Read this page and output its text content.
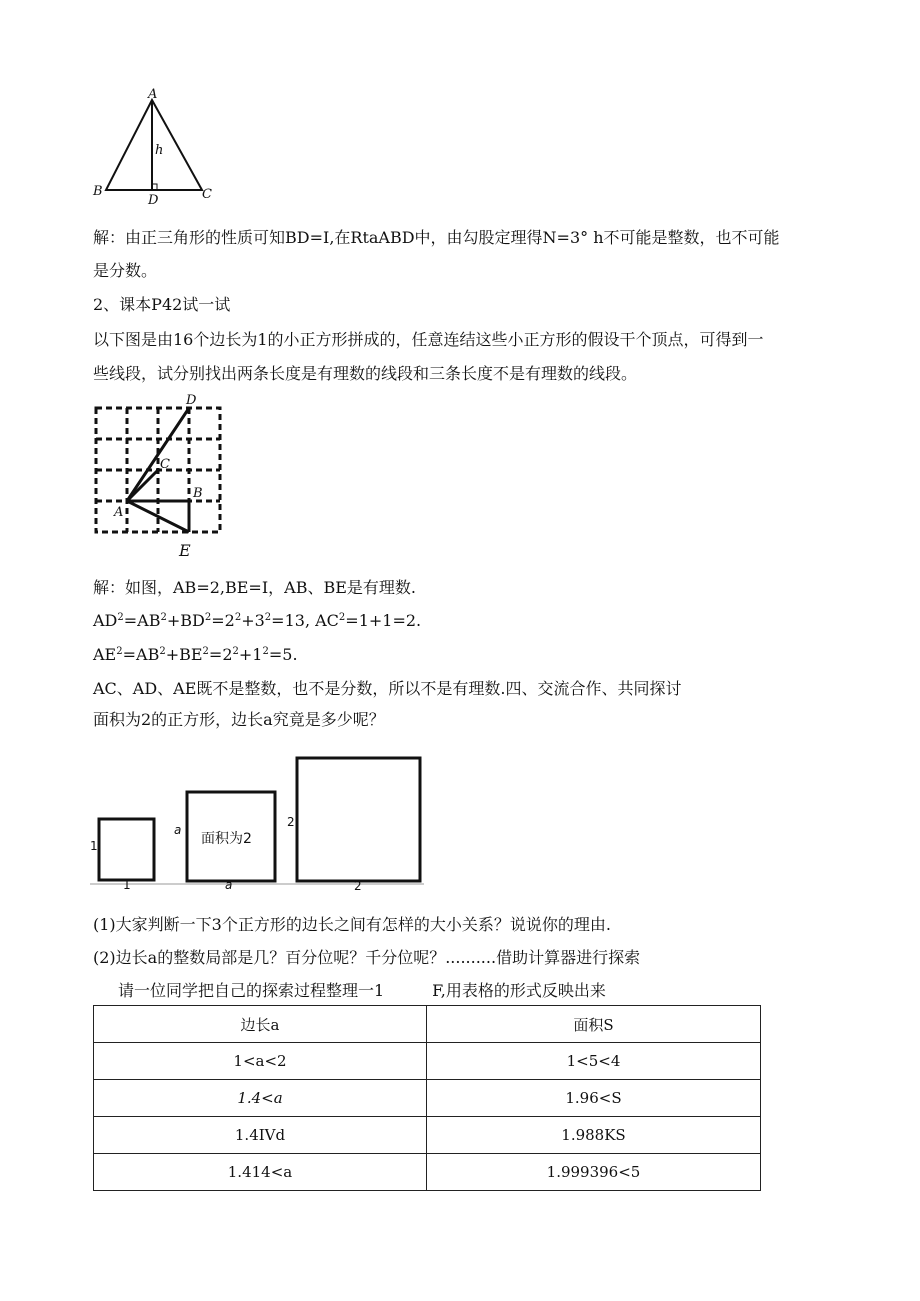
A
B	C
D
h
解：由正三角形的性质可知BD=I,在RtaABD中，由勾股定理得N=3° h不可能是整数，也不可能
是分数。
2、课本P42试一试
以下图是由16个边长为1的小正方形拼成的，任意连结这些小正方形的假设干个顶点，可得到一
些线段，试分别找出两条长度是有理数的线段和三条长度不是有理数的线段。
D
C
B
A
E
解：如图，AB=2,BE=I，AB、BE是有理数.
$AD^2=AB^2+BD^2=2^2+3^2=13$, $AC^2=1+1=2$.
$AE^2=AB^2+BE^2=2^2+1^2=5$.
AC、AD、AE既不是整数，也不是分数，所以不是有理数.四、交流合作、共同探讨
面积为2的正方形，边长a究竟是多少呢？
1
1
a
a
面积为2
2
2
(1)大家判断一下3个正方形的边长之间有怎样的大小关系？说说你的理由.
(2)边长a的整数局部是几？百分位呢？千分位呢？..........借助计算器进行探索
请一位同学把自己的探索过程整理一1　　　F,用表格的形式反映出来
边长a	面积S
1<a<2	1<5<4
1.4<a	1.96<S
1.4IVd	1.988KS
1.414<a	1.999396<5
